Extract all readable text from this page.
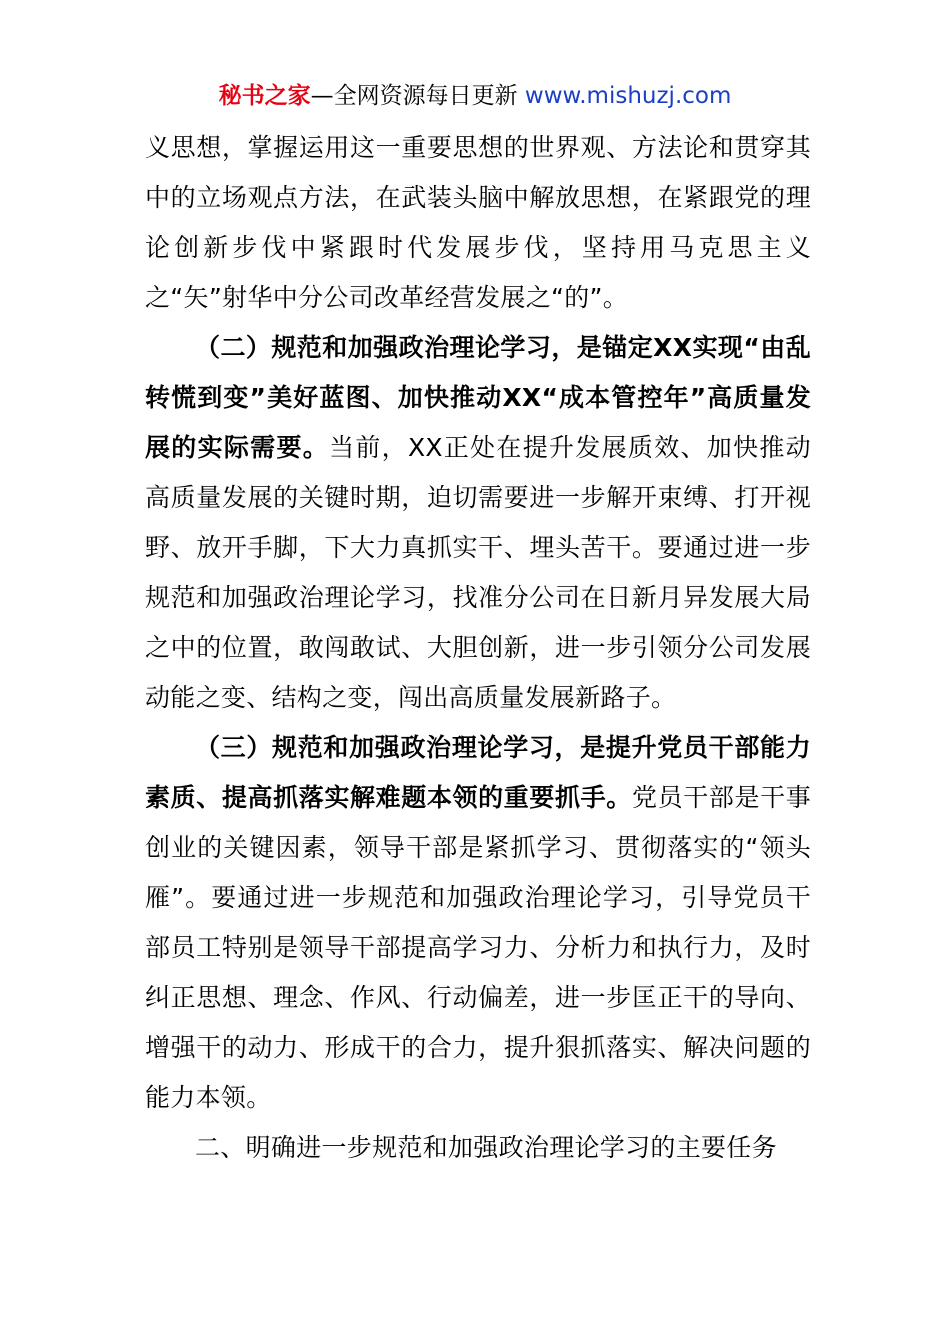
秘书之家—全网资源每日更新 www.mishuzj.com

义思想，掌握运用这一重要思想的世界观、方法论和贯穿其中的立场观点方法，在武装头脑中解放思想，在紧跟党的理论创新步伐中紧跟时代发展步伐，坚持用马克思主义之“矢”射华中分公司改革经营发展之“的”。

（二）规范和加强政治理论学习，是锚定XX实现“由乱转慌到变”美好蓝图、加快推动XX“成本管控年”高质量发展的实际需要。当前，XX正处在提升发展质效、加快推动高质量发展的关键时期，迫切需要进一步解开束缚、打开视野、放开手脚，下大力真抓实干、埋头苦干。要通过进一步规范和加强政治理论学习，找准分公司在日新月异发展大局之中的位置，敢闯敢试、大胆创新，进一步引领分公司发展动能之变、结构之变，闯出高质量发展新路子。

（三）规范和加强政治理论学习，是提升党员干部能力素质、提高抓落实解难题本领的重要抓手。党员干部是干事创业的关键因素，领导干部是紧抓学习、贯彻落实的“领头雁”。要通过进一步规范和加强政治理论学习，引导党员干部员工特别是领导干部提高学习力、分析力和执行力，及时纠正思想、理念、作风、行动偏差，进一步匡正干的导向、增强干的动力、形成干的合力，提升狠抓落实、解决问题的能力本领。

二、明确进一步规范和加强政治理论学习的主要任务
